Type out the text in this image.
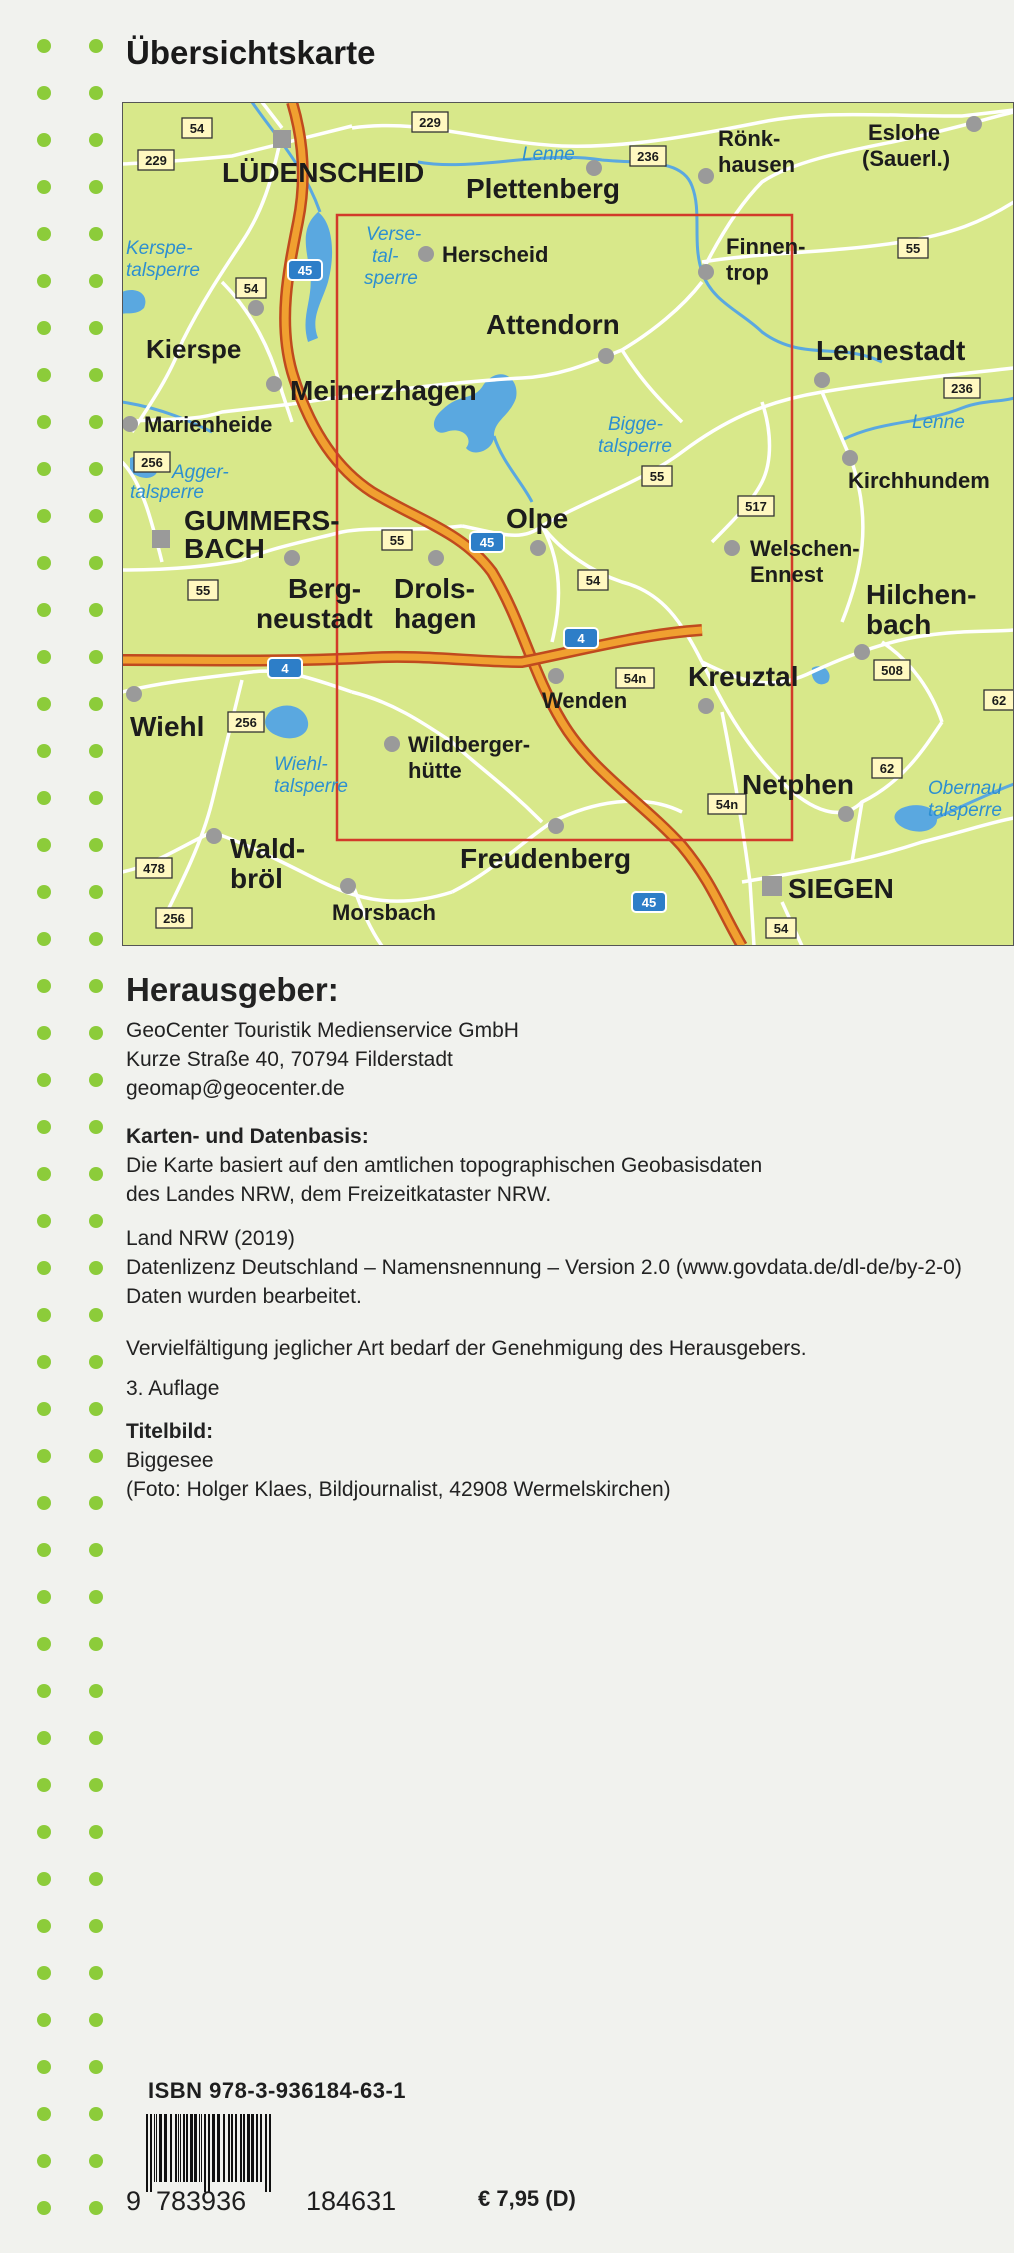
Übersichtskarte
54
229
229
236
55
54
236
256
55
517
55
55
54
54n
508
256
62
62
54n
478
256
54
45
45
4
4
45
Lenne
Verse-
tal-
sperre
Kerspe-
talsperre
Bigge-
talsperre
Agger-
talsperre
Lenne
Wiehl-
talsperre	Obernau
talsperre
LÜDENSCHEID
Plettenberg
Rönk-
hausen
Eslohe
(Sauerl.)
Herscheid	Finnen-
trop
Attendorn
Kierspe
Meinerzhagen
Lennestadt
Marienheide
Kirchhundem
GUMMERS-
BACH
Olpe
Welschen-
Ennest
Berg-
neustadt
Drols-
hagen
Hilchen-
bach
Kreuztal
Wenden
Wiehl
Wildberger-
hütte	Netphen
Wald-
bröl
Freudenberg
SIEGEN
Morsbach
Herausgeber:
GeoCenter Touristik Medienservice GmbH
Kurze Straße 40, 70794 Filderstadt
geomap@geocenter.de
Karten- und Datenbasis:
Die Karte basiert auf den amtlichen topographischen Geobasisdaten
des Landes NRW, dem Freizeitkataster NRW.
Land NRW (2019)
Datenlizenz Deutschland – Namensnennung – Version 2.0 (www.govdata.de/dl-de/by-2-0)
Daten wurden bearbeitet.
Vervielfältigung jeglicher Art bedarf der Genehmigung des Herausgebers.
3. Auflage
Titelbild:
Biggesee
(Foto: Holger Klaes, Bildjournalist, 42908 Wermelskirchen)
ISBN 978-3-936184-63-1
9 783936 184631	€ 7,95 (D)
